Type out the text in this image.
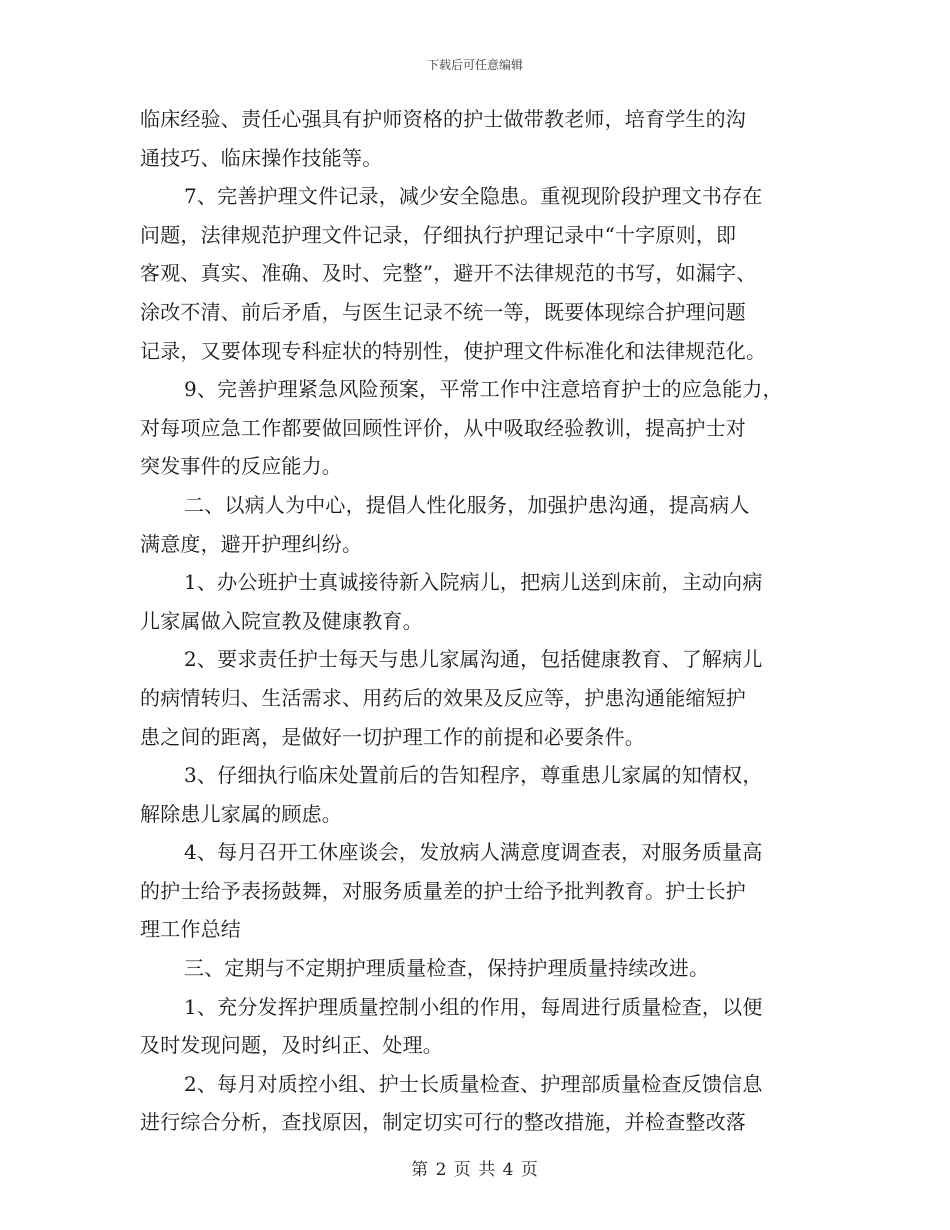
下载后可任意编辑
临床经验、责任心强具有护师资格的护士做带教老师，培育学生的沟
通技巧、临床操作技能等。
7、完善护理文件记录，减少安全隐患。重视现阶段护理文书存在
问题，法律规范护理文件记录，仔细执行护理记录中“十字原则，即
客观、真实、准确、及时、完整”，避开不法律规范的书写，如漏字、
涂改不清、前后矛盾，与医生记录不统一等，既要体现综合护理问题
记录，又要体现专科症状的特别性，使护理文件标准化和法律规范化。
9、完善护理紧急风险预案，平常工作中注意培育护士的应急能力，
对每项应急工作都要做回顾性评价，从中吸取经验教训，提高护士对
突发事件的反应能力。
二、以病人为中心，提倡人性化服务，加强护患沟通，提高病人
满意度，避开护理纠纷。
1、办公班护士真诚接待新入院病儿，把病儿送到床前，主动向病
儿家属做入院宣教及健康教育。
2、要求责任护士每天与患儿家属沟通，包括健康教育、了解病儿
的病情转归、生活需求、用药后的效果及反应等，护患沟通能缩短护
患之间的距离，是做好一切护理工作的前提和必要条件。
3、仔细执行临床处置前后的告知程序，尊重患儿家属的知情权，
解除患儿家属的顾虑。
4、每月召开工休座谈会，发放病人满意度调查表，对服务质量高
的护士给予表扬鼓舞，对服务质量差的护士给予批判教育。护士长护
理工作总结
三、定期与不定期护理质量检查，保持护理质量持续改进。
1、充分发挥护理质量控制小组的作用，每周进行质量检查，以便
及时发现问题，及时纠正、处理。
2、每月对质控小组、护士长质量检查、护理部质量检查反馈信息
进行综合分析，查找原因，制定切实可行的整改措施，并检查整改落
第 2 页 共 4 页
